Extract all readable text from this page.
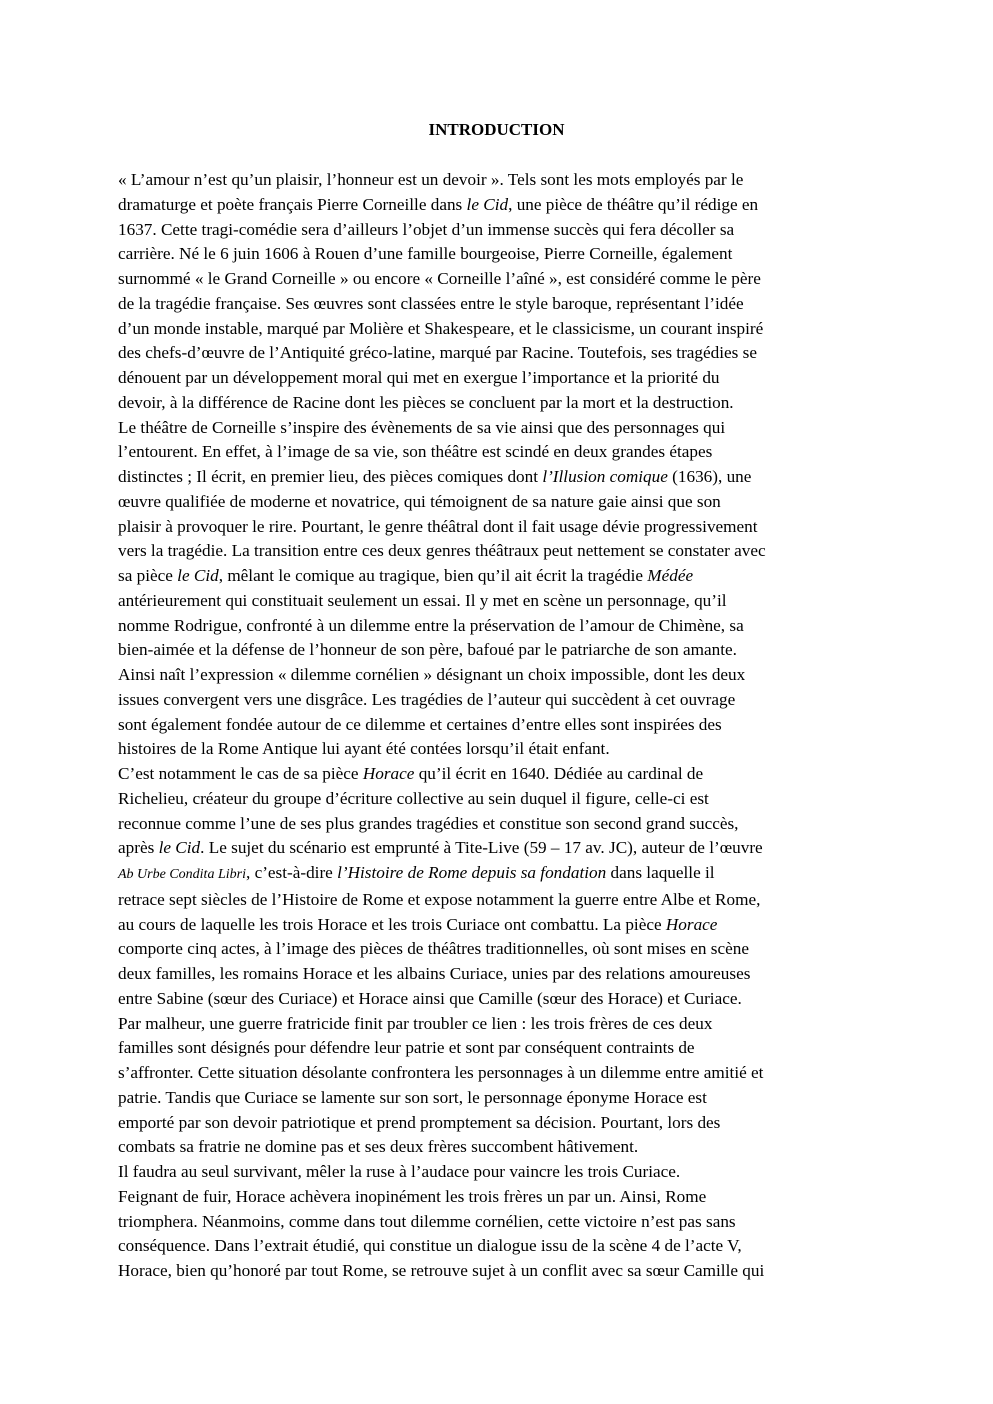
INTRODUCTION
« L’amour n’est qu’un plaisir, l’honneur est un devoir ». Tels sont les mots employés par le
dramaturge et poète français Pierre Corneille dans le Cid, une pièce de théâtre qu’il rédige en
1637. Cette tragi-comédie sera d’ailleurs l’objet d’un immense succès qui fera décoller sa
carrière. Né le 6 juin 1606 à Rouen d’une famille bourgeoise, Pierre Corneille, également
surnommé « le Grand Corneille » ou encore « Corneille l’aîné », est considéré comme le père
de la tragédie française. Ses œuvres sont classées entre le style baroque, représentant l’idée
d’un monde instable, marqué par Molière et Shakespeare, et le classicisme, un courant inspiré
des chefs-d’œuvre de l’Antiquité gréco-latine, marqué par Racine. Toutefois, ses tragédies se
dénouent par un développement moral qui met en exergue l’importance et la priorité du
devoir, à la différence de Racine dont les pièces se concluent par la mort et la destruction.
Le théâtre de Corneille s’inspire des évènements de sa vie ainsi que des personnages qui
l’entourent. En effet, à l’image de sa vie, son théâtre est scindé en deux grandes étapes
distinctes ; Il écrit, en premier lieu, des pièces comiques dont l’Illusion comique (1636), une
œuvre qualifiée de moderne et novatrice, qui témoignent de sa nature gaie ainsi que son
plaisir à provoquer le rire. Pourtant, le genre théâtral dont il fait usage dévie progressivement
vers la tragédie. La transition entre ces deux genres théâtraux peut nettement se constater avec
sa pièce le Cid, mêlant le comique au tragique, bien qu’il ait écrit la tragédie Médée
antérieurement qui constituait seulement un essai. Il y met en scène un personnage, qu’il
nomme Rodrigue, confronté à un dilemme entre la préservation de l’amour de Chimène, sa
bien-aimée et la défense de l’honneur de son père, bafoué par le patriarche de son amante.
Ainsi naît l’expression « dilemme cornélien » désignant un choix impossible, dont les deux
issues convergent vers une disgrâce. Les tragédies de l’auteur qui succèdent à cet ouvrage
sont également fondée autour de ce dilemme et certaines d’entre elles sont inspirées des
histoires de la Rome Antique lui ayant été contées lorsqu’il était enfant.
C’est notamment le cas de sa pièce Horace qu’il écrit en 1640. Dédiée au cardinal de
Richelieu, créateur du groupe d’écriture collective au sein duquel il figure, celle-ci est
reconnue comme l’une de ses plus grandes tragédies et constitue son second grand succès,
après le Cid. Le sujet du scénario est emprunté à Tite-Live (59 – 17 av. JC), auteur de l’œuvre
Ab Urbe Condita Libri, c’est-à-dire l’Histoire de Rome depuis sa fondation dans laquelle il
retrace sept siècles de l’Histoire de Rome et expose notamment la guerre entre Albe et Rome,
au cours de laquelle les trois Horace et les trois Curiace ont combattu. La pièce Horace
comporte cinq actes, à l’image des pièces de théâtres traditionnelles, où sont mises en scène
deux familles, les romains Horace et les albains Curiace, unies par des relations amoureuses
entre Sabine (sœur des Curiace) et Horace ainsi que Camille (sœur des Horace) et Curiace.
Par malheur, une guerre fratricide finit par troubler ce lien : les trois frères de ces deux
familles sont désignés pour défendre leur patrie et sont par conséquent contraints de
s’affronter. Cette situation désolante confrontera les personnages à un dilemme entre amitié et
patrie. Tandis que Curiace se lamente sur son sort, le personnage éponyme Horace est
emporté par son devoir patriotique et prend promptement sa décision. Pourtant, lors des
combats sa fratrie ne domine pas et ses deux frères succombent hâtivement.
Il faudra au seul survivant, mêler la ruse à l’audace pour vaincre les trois Curiace.
Feignant de fuir, Horace achèvera inopinément les trois frères un par un. Ainsi, Rome
triomphera. Néanmoins, comme dans tout dilemme cornélien, cette victoire n’est pas sans
conséquence. Dans l’extrait étudié, qui constitue un dialogue issu de la scène 4 de l’acte V,
Horace, bien qu’honoré par tout Rome, se retrouve sujet à un conflit avec sa sœur Camille qui
